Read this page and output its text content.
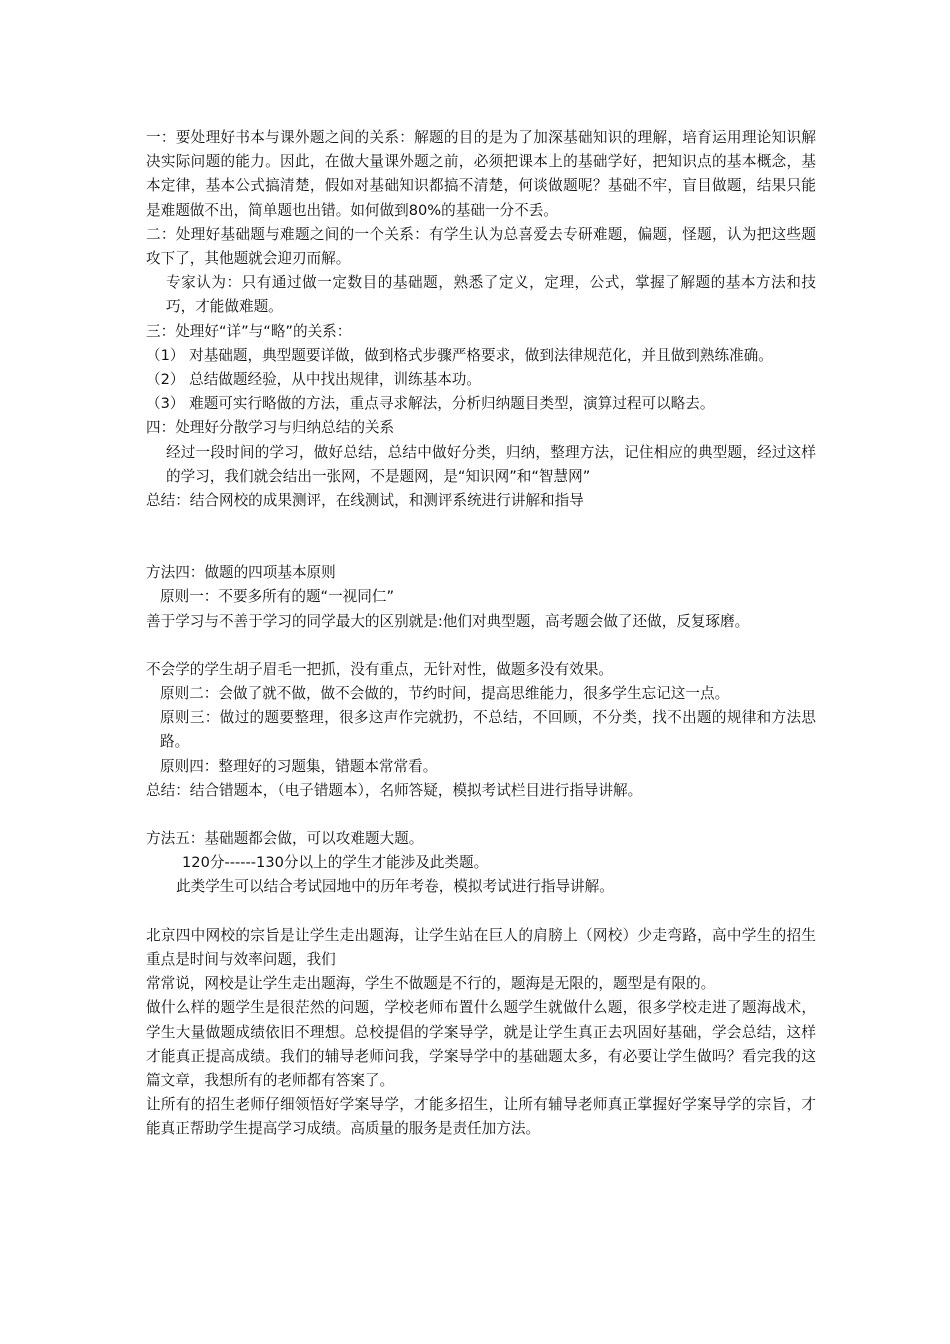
一：要处理好书本与课外题之间的关系：解题的目的是为了加深基础知识的理解，培育运用理论知识解决实际问题的能力。因此，在做大量课外题之前，必须把课本上的基础学好，把知识点的基本概念，基本定律，基本公式搞清楚，假如对基础知识都搞不清楚，何谈做题呢？基础不牢，盲目做题，结果只能是难题做不出，简单题也出错。如何做到80%的基础一分不丢。

二：处理好基础题与难题之间的一个关系：有学生认为总喜爱去专研难题，偏题，怪题，认为把这些题攻下了，其他题就会迎刃而解。

专家认为：只有通过做一定数目的基础题，熟悉了定义，定理，公式，掌握了解题的基本方法和技巧，才能做难题。

三：处理好“详”与“略”的关系：

（1） 对基础题，典型题要详做，做到格式步骤严格要求，做到法律规范化，并且做到熟练准确。

（2） 总结做题经验，从中找出规律，训练基本功。

（3） 难题可实行略做的方法，重点寻求解法，分析归纳题目类型，演算过程可以略去。

四：处理好分散学习与归纳总结的关系

经过一段时间的学习，做好总结，总结中做好分类，归纳，整理方法，记住相应的典型题，经过这样的学习，我们就会结出一张网，不是题网，是“知识网”和“智慧网”

总结：结合网校的成果测评，在线测试，和测评系统进行讲解和指导

方法四：做题的四项基本原则

原则一：不要多所有的题“一视同仁”

善于学习与不善于学习的同学最大的区别就是:他们对典型题，高考题会做了还做，反复琢磨。

不会学的学生胡子眉毛一把抓，没有重点，无针对性，做题多没有效果。

原则二：会做了就不做，做不会做的，节约时间，提高思维能力，很多学生忘记这一点。

原则三：做过的题要整理，很多这声作完就扔，不总结，不回顾，不分类，找不出题的规律和方法思路。

原则四：整理好的习题集，错题本常常看。

总结：结合错题本，（电子错题本），名师答疑，模拟考试栏目进行指导讲解。

方法五：基础题都会做，可以攻难题大题。

120分------130分以上的学生才能涉及此类题。

此类学生可以结合考试园地中的历年考卷，模拟考试进行指导讲解。

北京四中网校的宗旨是让学生走出题海，让学生站在巨人的肩膀上（网校）少走弯路，高中学生的招生重点是时间与效率问题，我们

常常说，网校是让学生走出题海，学生不做题是不行的，题海是无限的，题型是有限的。

做什么样的题学生是很茫然的问题，学校老师布置什么题学生就做什么题，很多学校走进了题海战术，学生大量做题成绩依旧不理想。总校提倡的学案导学，就是让学生真正去巩固好基础，学会总结，这样才能真正提高成绩。我们的辅导老师问我，学案导学中的基础题太多，有必要让学生做吗？看完我的这篇文章，我想所有的老师都有答案了。

让所有的招生老师仔细领悟好学案导学，才能多招生，让所有辅导老师真正掌握好学案导学的宗旨，才能真正帮助学生提高学习成绩。高质量的服务是责任加方法。
